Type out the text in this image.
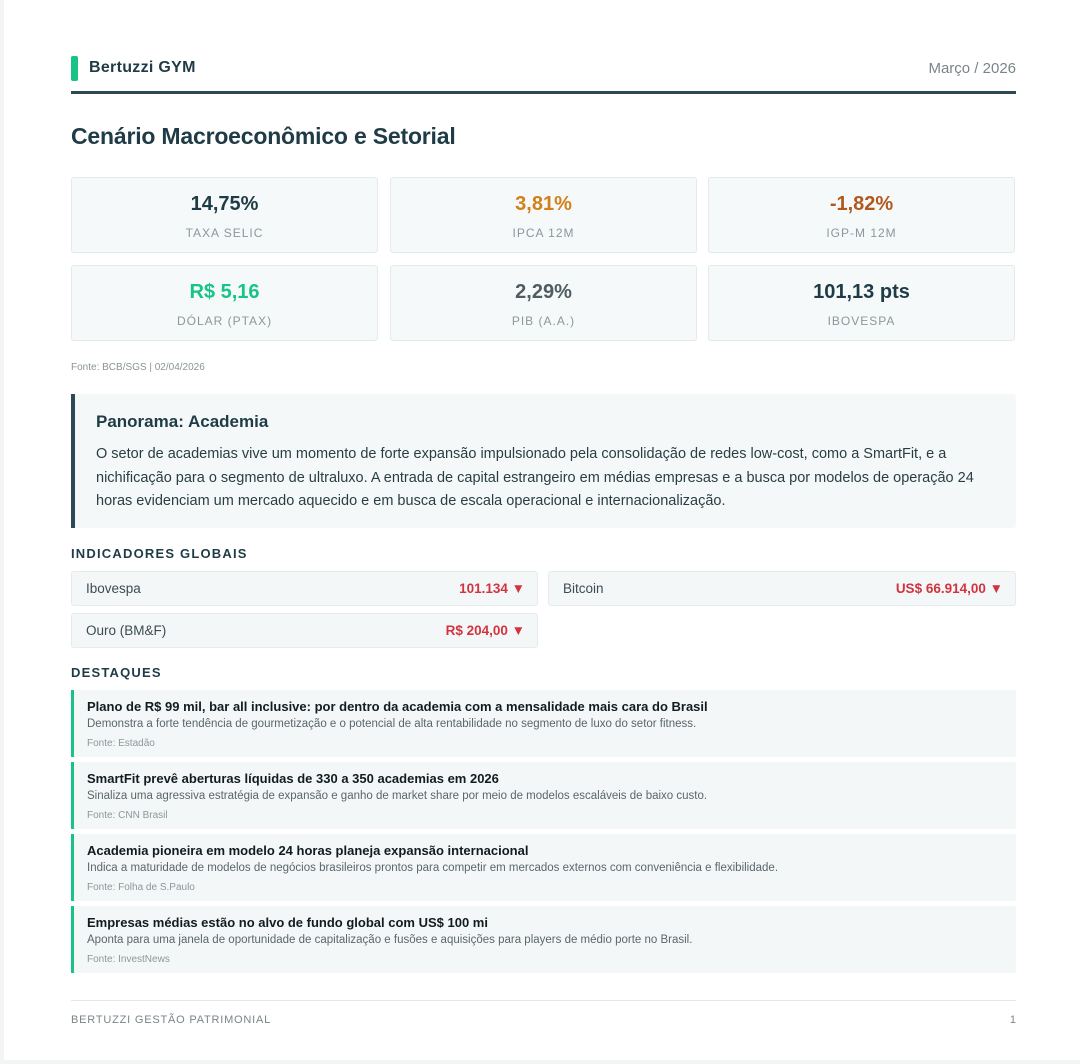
Bertuzzi GYM	Março / 2026
Cenário Macroeconômico e Setorial
14,75%
TAXA SELIC
3,81%
IPCA 12M
-1,82%
IGP-M 12M
R$ 5,16
DÓLAR (PTAX)
2,29%
PIB (A.A.)
101,13 pts
IBOVESPA
Fonte: BCB/SGS | 02/04/2026
Panorama: Academia
O setor de academias vive um momento de forte expansão impulsionado pela consolidação de redes low-cost, como a SmartFit, e a nichificação para o segmento de ultraluxo. A entrada de capital estrangeiro em médias empresas e a busca por modelos de operação 24 horas evidenciam um mercado aquecido e em busca de escala operacional e internacionalização.
INDICADORES GLOBAIS
Ibovespa	101.134 ▼	Bitcoin	US$ 66.914,00 ▼
Ouro (BM&F)	R$ 204,00 ▼
DESTAQUES
Plano de R$ 99 mil, bar all inclusive: por dentro da academia com a mensalidade mais cara do Brasil
Demonstra a forte tendência de gourmetização e o potencial de alta rentabilidade no segmento de luxo do setor fitness.
Fonte: Estadão
SmartFit prevê aberturas líquidas de 330 a 350 academias em 2026
Sinaliza uma agressiva estratégia de expansão e ganho de market share por meio de modelos escaláveis de baixo custo.
Fonte: CNN Brasil
Academia pioneira em modelo 24 horas planeja expansão internacional
Indica a maturidade de modelos de negócios brasileiros prontos para competir em mercados externos com conveniência e flexibilidade.
Fonte: Folha de S.Paulo
Empresas médias estão no alvo de fundo global com US$ 100 mi
Aponta para uma janela de oportunidade de capitalização e fusões e aquisições para players de médio porte no Brasil.
Fonte: InvestNews
BERTUZZI GESTÃO PATRIMONIAL	1
